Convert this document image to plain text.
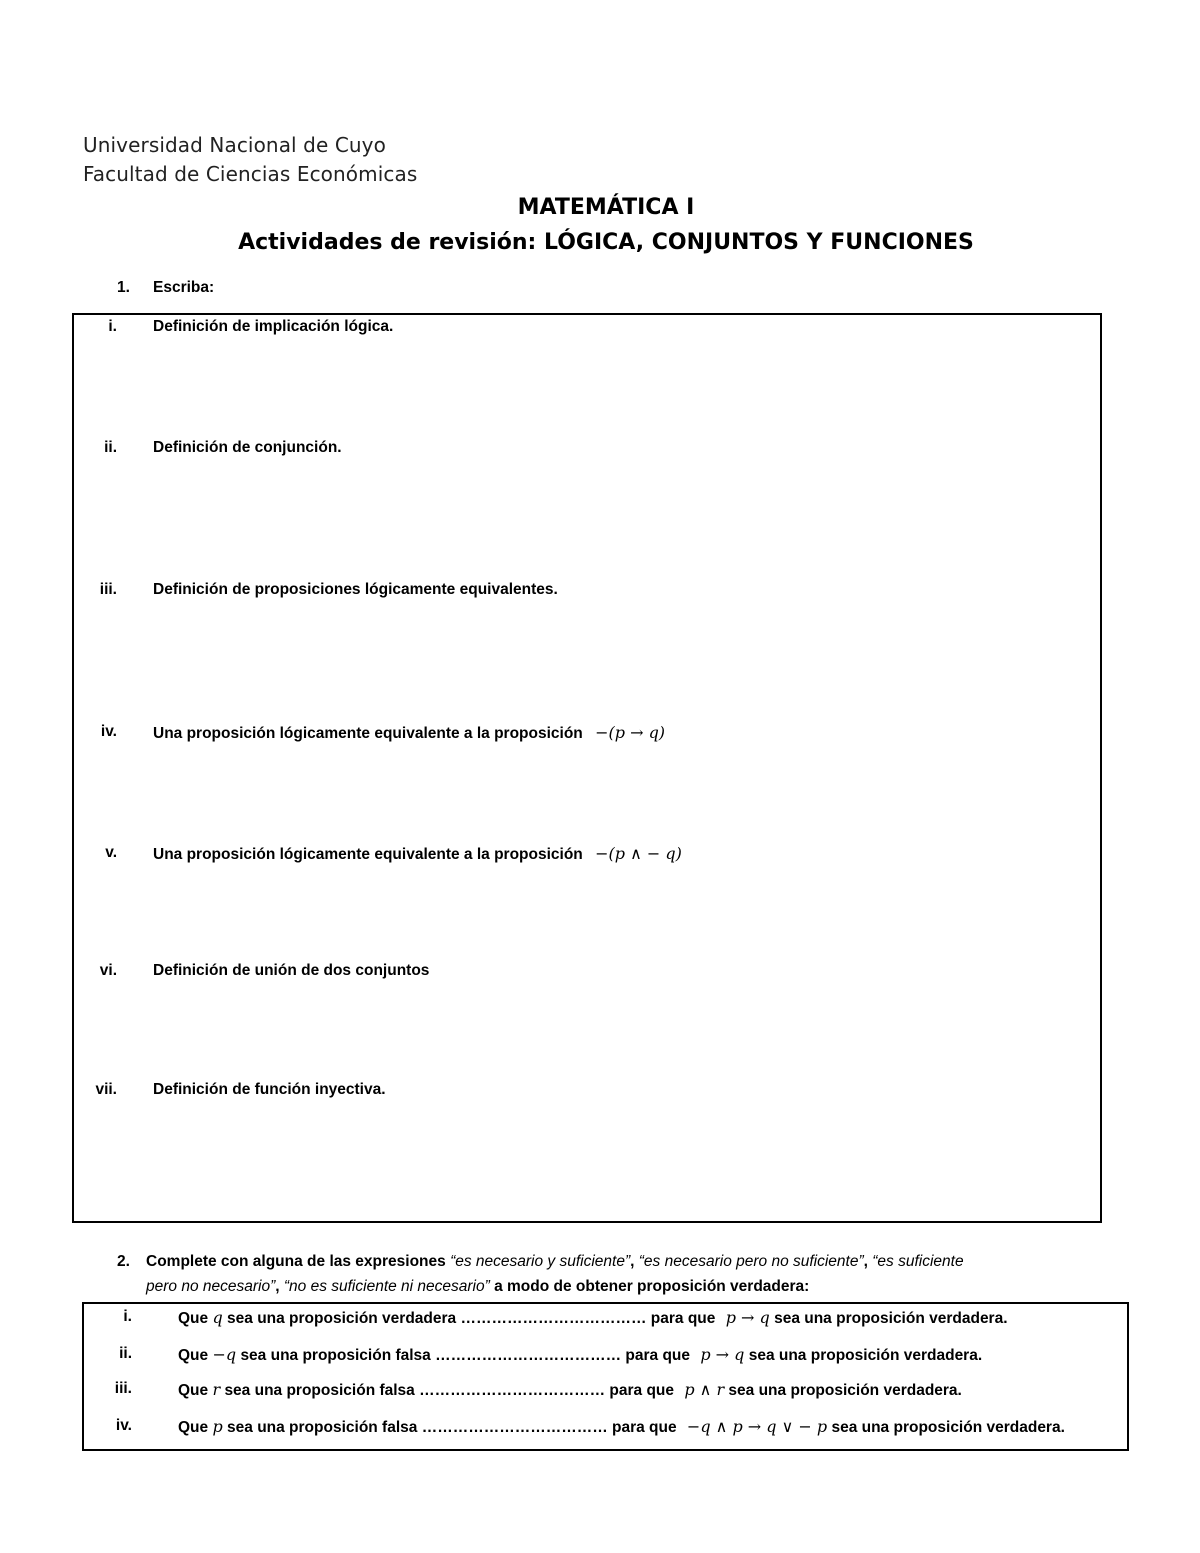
Universidad Nacional de Cuyo
Facultad de Ciencias Económicas
MATEMÁTICA I
Actividades de revisión: LÓGICA, CONJUNTOS Y FUNCIONES
1. Escriba:
i. Definición de implicación lógica.
ii. Definición de conjunción.
iii. Definición de proposiciones lógicamente equivalentes.
iv. Una proposición lógicamente equivalente a la proposición −(p → q)
v. Una proposición lógicamente equivalente a la proposición −(p ∧ − q)
vi. Definición de unión de dos conjuntos
vii. Definición de función inyectiva.
2. Complete con alguna de las expresiones “es necesario y suficiente”, “es necesario pero no suficiente”, “es suficiente
pero no necesario”, “no es suficiente ni necesario” a modo de obtener proposición verdadera:
i.	Que q sea una proposición verdadera ……………………………… para que p → q sea una proposición verdadera.
ii.	Que −q sea una proposición falsa ……………………………… para que p → q sea una proposición verdadera.
iii.	Que r sea una proposición falsa ……………………………… para que p ∧ r sea una proposición verdadera.
iv.	Que p sea una proposición falsa ……………………………… para que −q ∧ p → q ∨ − p sea una proposición verdadera.
